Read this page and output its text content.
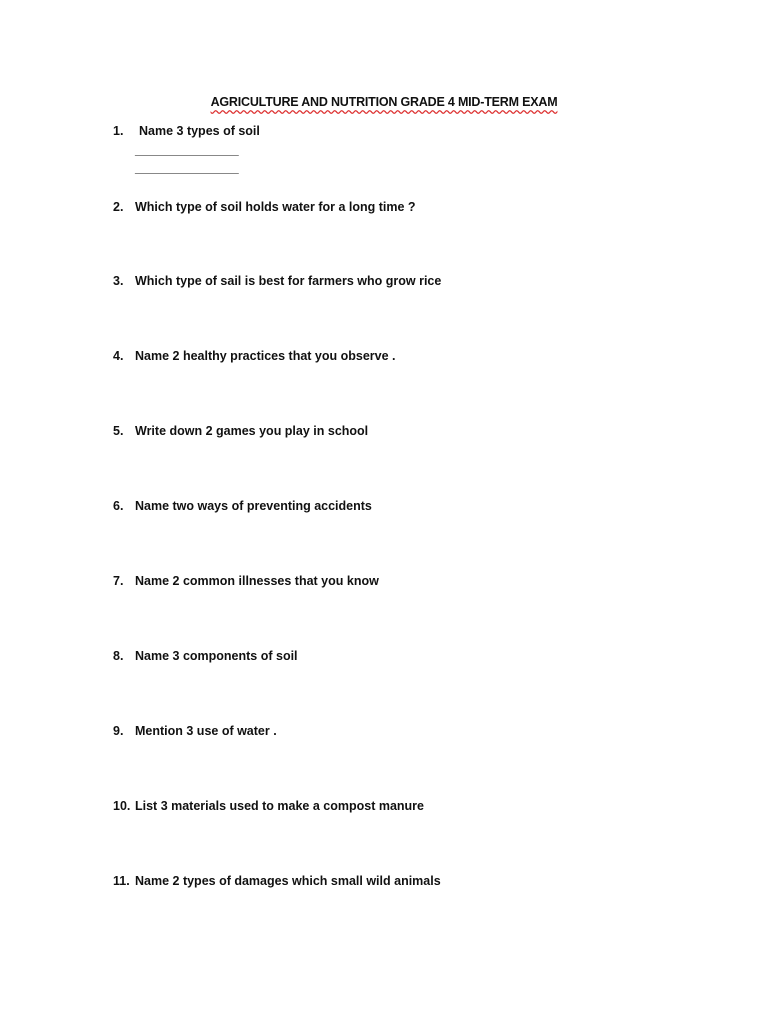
AGRICULTURE AND NUTRITION GRADE 4 MID-TERM EXAM
1. Name 3 types of soil
________________
________________
2. Which type of soil holds water for a long time ?
3. Which type of sail is best for farmers who grow rice
4. Name 2 healthy practices that you observe .
5. Write down 2 games you play in school
6. Name two ways of preventing accidents
7. Name 2 common illnesses that you know
8. Name 3 components of soil
9. Mention 3 use of water .
10. List 3 materials used to make a compost manure
11. Name 2 types of damages which small wild animals
